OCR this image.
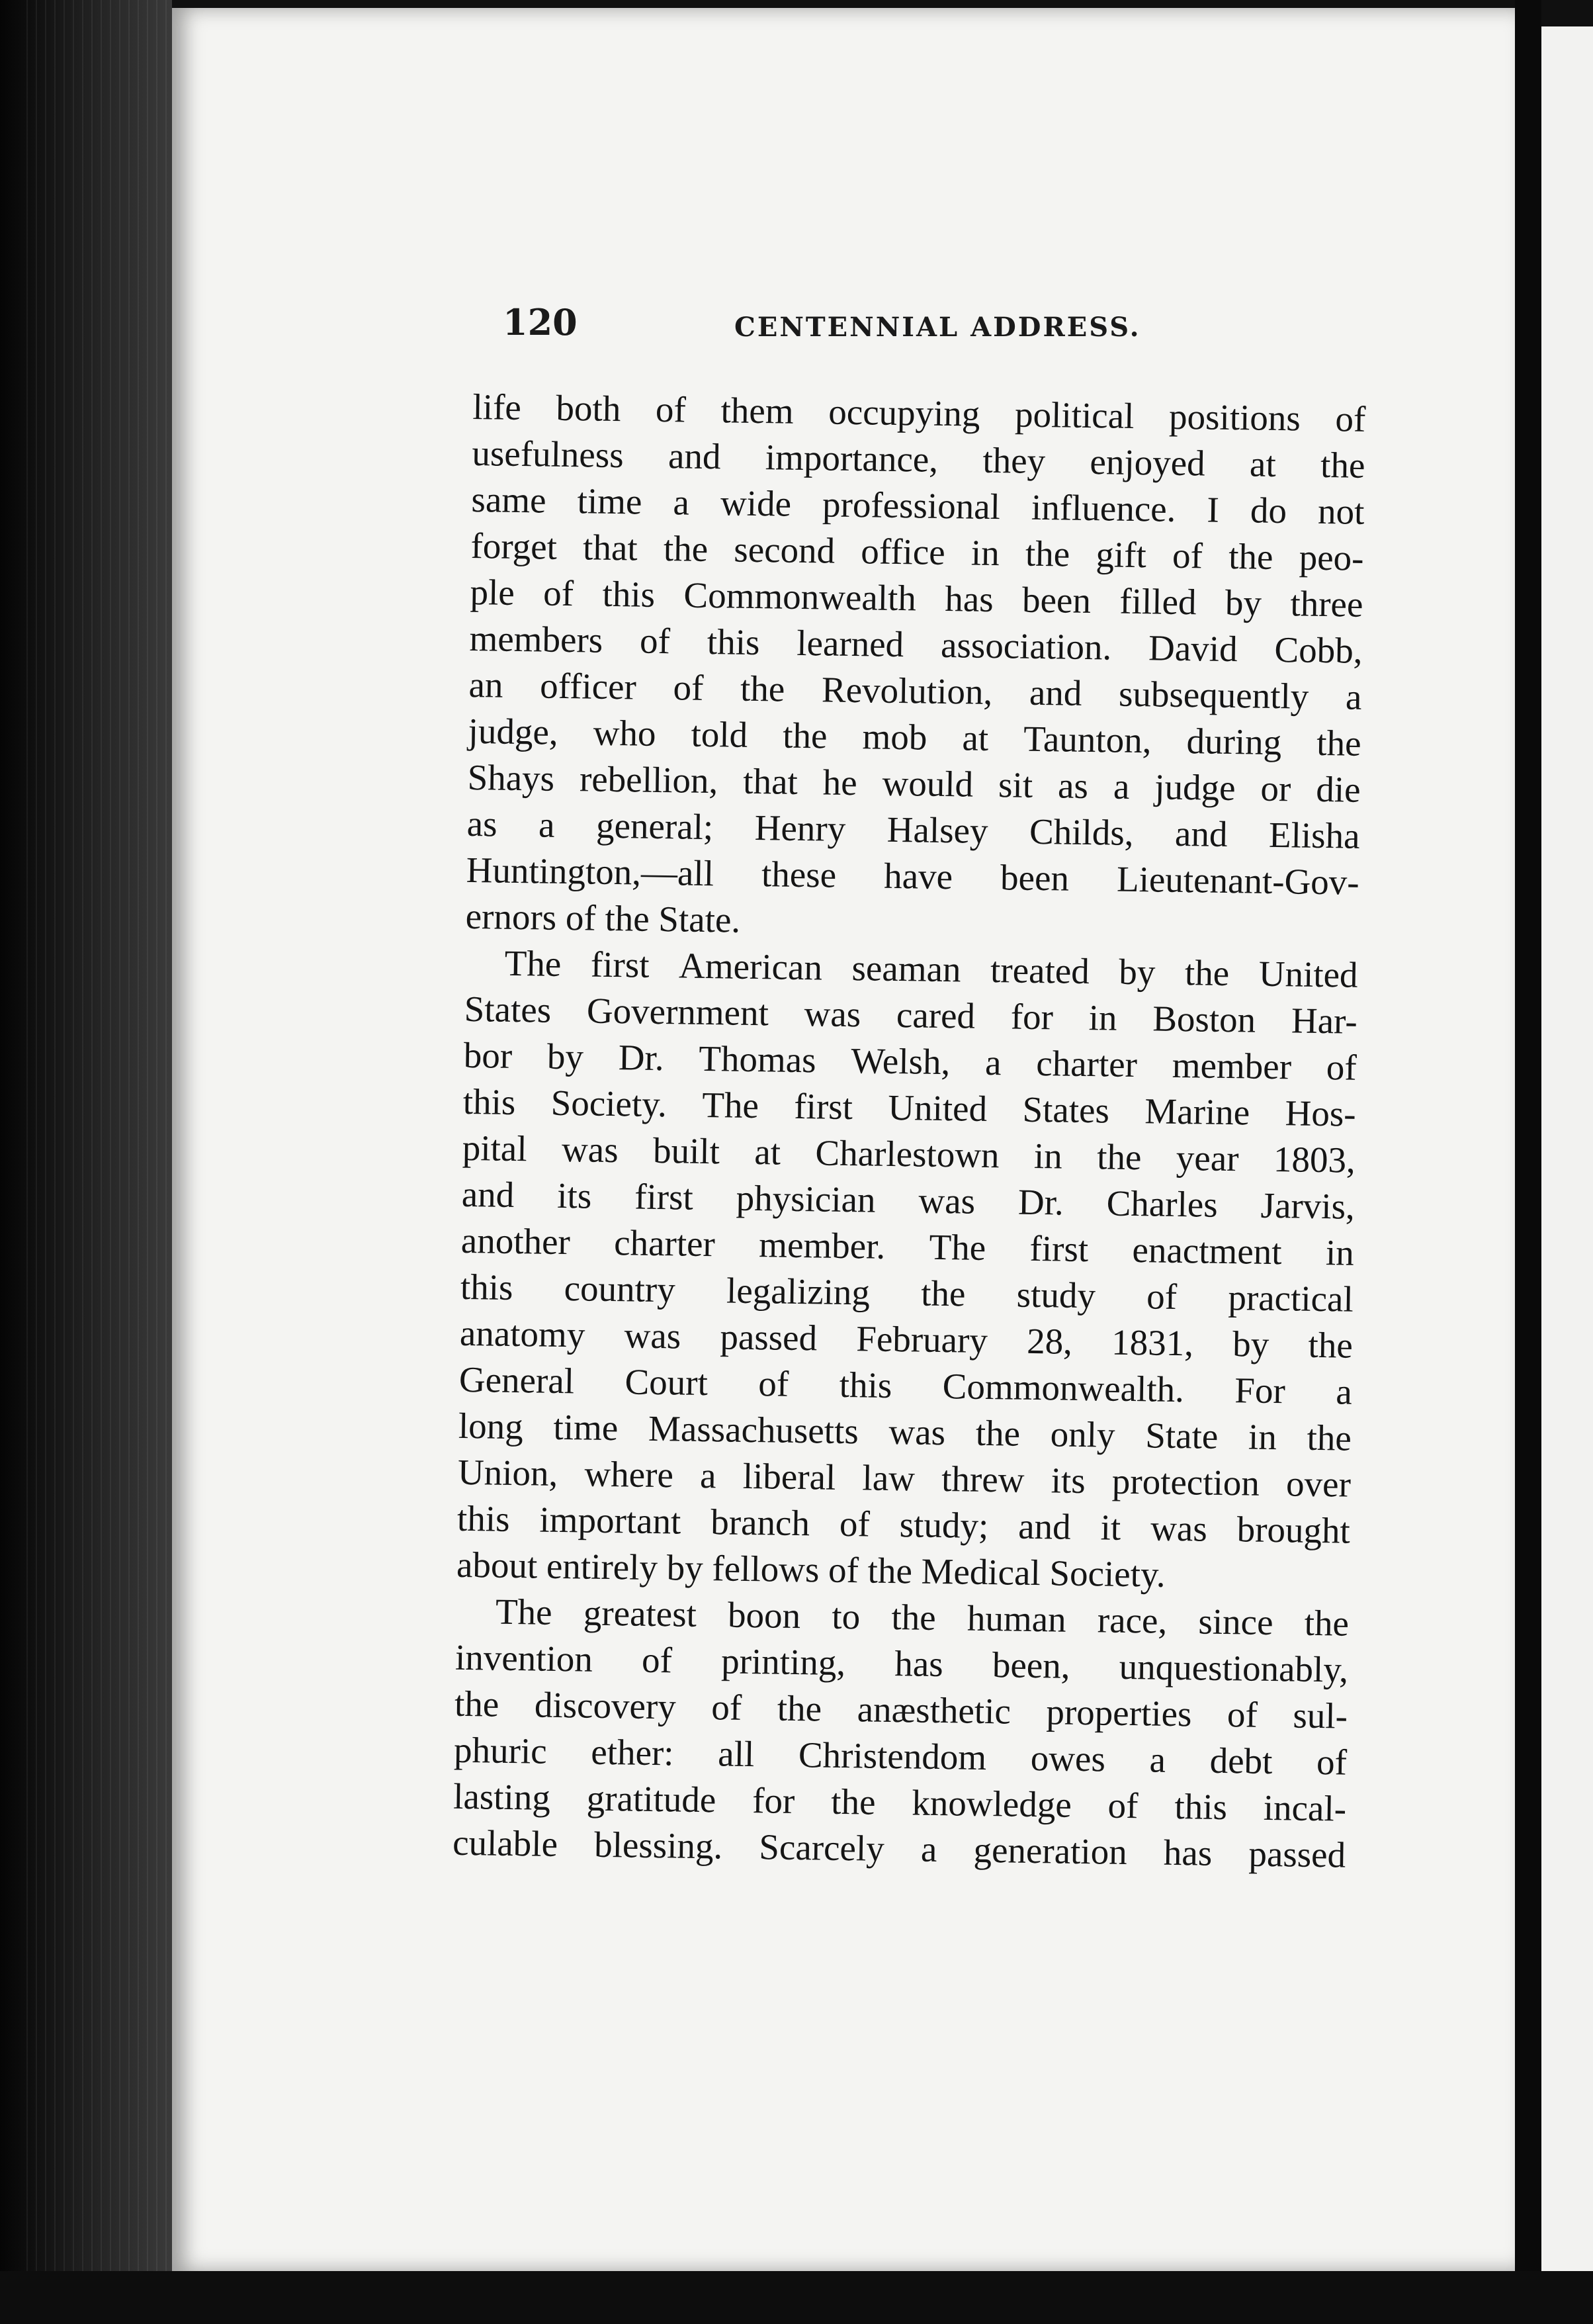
120	CENTENNIAL ADDRESS.
life both of them occupying political positions of
usefulness and importance, they enjoyed at the
same time a wide professional influence. I do not
forget that the second office in the gift of the peo-
ple of this Commonwealth has been filled by three
members of this learned association. David Cobb,
an officer of the Revolution, and subsequently a
judge, who told the mob at Taunton, during the
Shays rebellion, that he would sit as a judge or die
as a general; Henry Halsey Childs, and Elisha
Huntington,—all these have been Lieutenant-Gov-
ernors of the State.
The first American seaman treated by the United
States Government was cared for in Boston Har-
bor by Dr. Thomas Welsh, a charter member of
this Society. The first United States Marine Hos-
pital was built at Charlestown in the year 1803,
and its first physician was Dr. Charles Jarvis,
another charter member. The first enactment in
this country legalizing the study of practical
anatomy was passed February 28, 1831, by the
General Court of this Commonwealth. For a
long time Massachusetts was the only State in the
Union, where a liberal law threw its protection over
this important branch of study; and it was brought
about entirely by fellows of the Medical Society.
The greatest boon to the human race, since the
invention of printing, has been, unquestionably,
the discovery of the anæsthetic properties of sul-
phuric ether: all Christendom owes a debt of
lasting gratitude for the knowledge of this incal-
culable blessing. Scarcely a generation has passed
